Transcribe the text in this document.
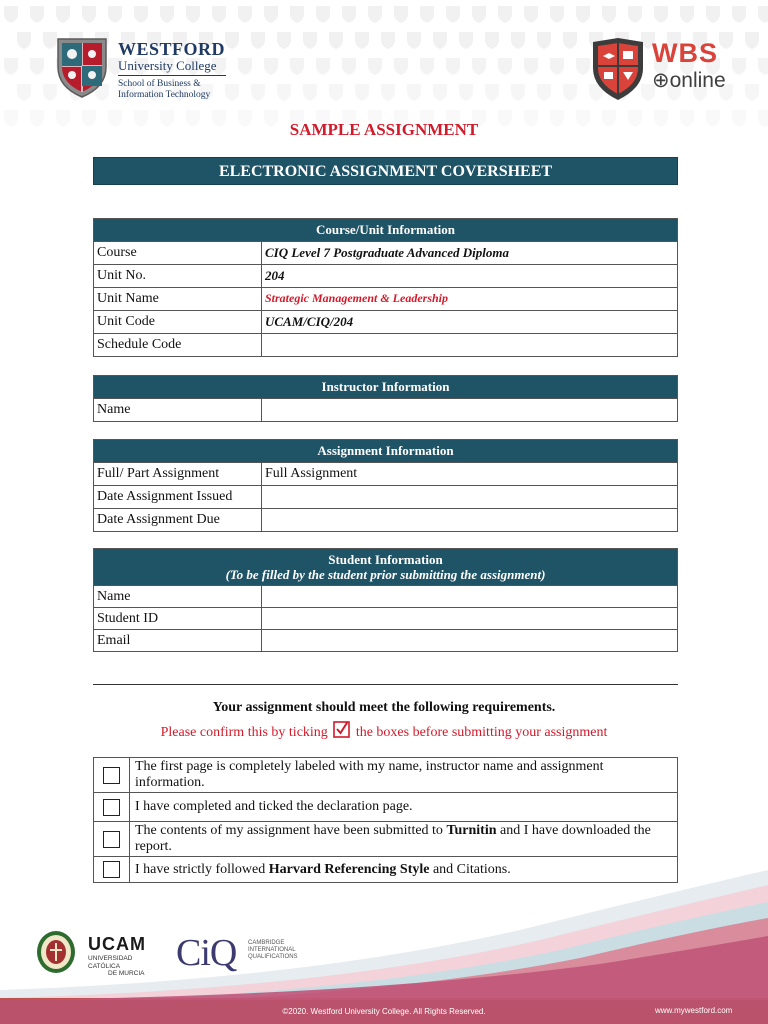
WESTFORD
University College
School of Business &
Information Technology
WBS
⊕online
SAMPLE ASSIGNMENT
ELECTRONIC ASSIGNMENT COVERSHEET
Course/Unit Information	
Course	CIQ Level 7 Postgraduate Advanced Diploma
Unit No.	204
Unit Name	Strategic Management & Leadership
Unit Code	UCAM/CIQ/204
Schedule Code	
Instructor Information
Name	
Assignment Information	
Full/ Part Assignment	Full Assignment
Date Assignment Issued	
Date Assignment Due	
Student Information
(To be filled by the student prior submitting the assignment)	

Name	
Student ID	
Email	
Your assignment should meet the following requirements.
Please confirm this by ticking the boxes before submitting your assignment
	The first page is completely labeled with my name, instructor name and assignment information.
	I have completed and ticked the declaration page.
	The contents of my assignment have been submitted to Turnitin and I have downloaded the report.
	I have strictly followed Harvard Referencing Style and Citations.
UCAM
UNIVERSIDAD CATÓLICA
DE MURCIA CiQ CAMBRIDGE
INTERNATIONAL
QUALIFICATIONS
©2020. Westford University College. All Rights Reserved.	www.mywestford.com
